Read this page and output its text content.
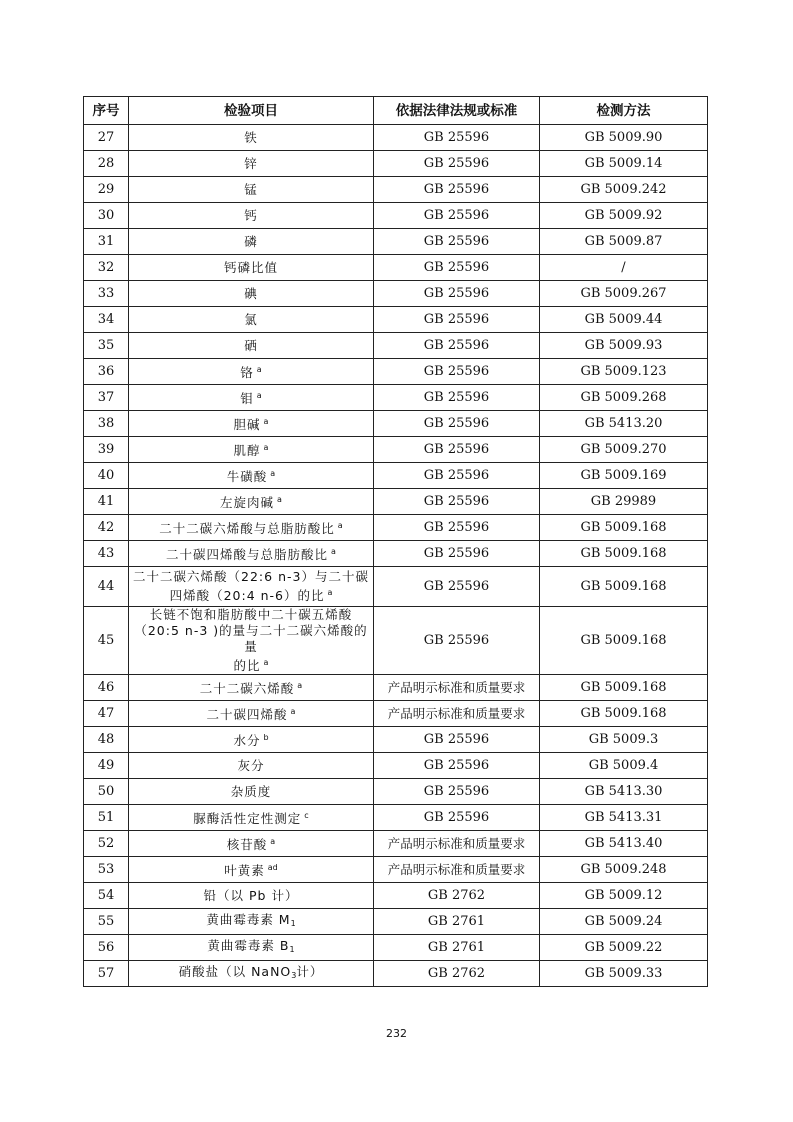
序号	检验项目	依据法律法规或标准	检测方法
27	铁	GB 25596	GB 5009.90
28	锌	GB 25596	GB 5009.14
29	锰	GB 25596	GB 5009.242
30	钙	GB 25596	GB 5009.92
31	磷	GB 25596	GB 5009.87
32	钙磷比值	GB 25596	/
33	碘	GB 25596	GB 5009.267
34	氯	GB 25596	GB 5009.44
35	硒	GB 25596	GB 5009.93
36	铬 $^a$	GB 25596	GB 5009.123
37	钼 $^a$	GB 25596	GB 5009.268
38	胆碱 $^a$	GB 25596	GB 5413.20
39	肌醇 $^a$	GB 25596	GB 5009.270
40	牛磺酸 $^a$	GB 25596	GB 5009.169
41	左旋肉碱 $^a$	GB 25596	GB 29989
42	二十二碳六烯酸与总脂肪酸比 $^a$	GB 25596	GB 5009.168
43	二十碳四烯酸与总脂肪酸比 $^a$	GB 25596	GB 5009.168
44	二十二碳六烯酸（22:6 n-3）与二十碳
四烯酸（20:4 n-6）的比 $^a$	GB 25596	GB 5009.168
45	长链不饱和脂肪酸中二十碳五烯酸
（20:5 n-3 )的量与二十二碳六烯酸的量
的比 $^a$	GB 25596	GB 5009.168
46	二十二碳六烯酸 $^a$	产品明示标准和质量要求	GB 5009.168
47	二十碳四烯酸 $^a$	产品明示标准和质量要求	GB 5009.168
48	水分 $^b$	GB 25596	GB 5009.3
49	灰分	GB 25596	GB 5009.4
50	杂质度	GB 25596	GB 5413.30
51	脲酶活性定性测定 $^c$	GB 25596	GB 5413.31
52	核苷酸 $^a$	产品明示标准和质量要求	GB 5413.40
53	叶黄素 $^{ad}$	产品明示标准和质量要求	GB 5009.248
54	铅（以 Pb 计）	GB 2762	GB 5009.12
55	黄曲霉毒素 $M_1$	GB 2761	GB 5009.24
56	黄曲霉毒素 $B_1$	GB 2761	GB 5009.22
57	硝酸盐（以 NaNO$_3$计）	GB 2762	GB 5009.33
232
